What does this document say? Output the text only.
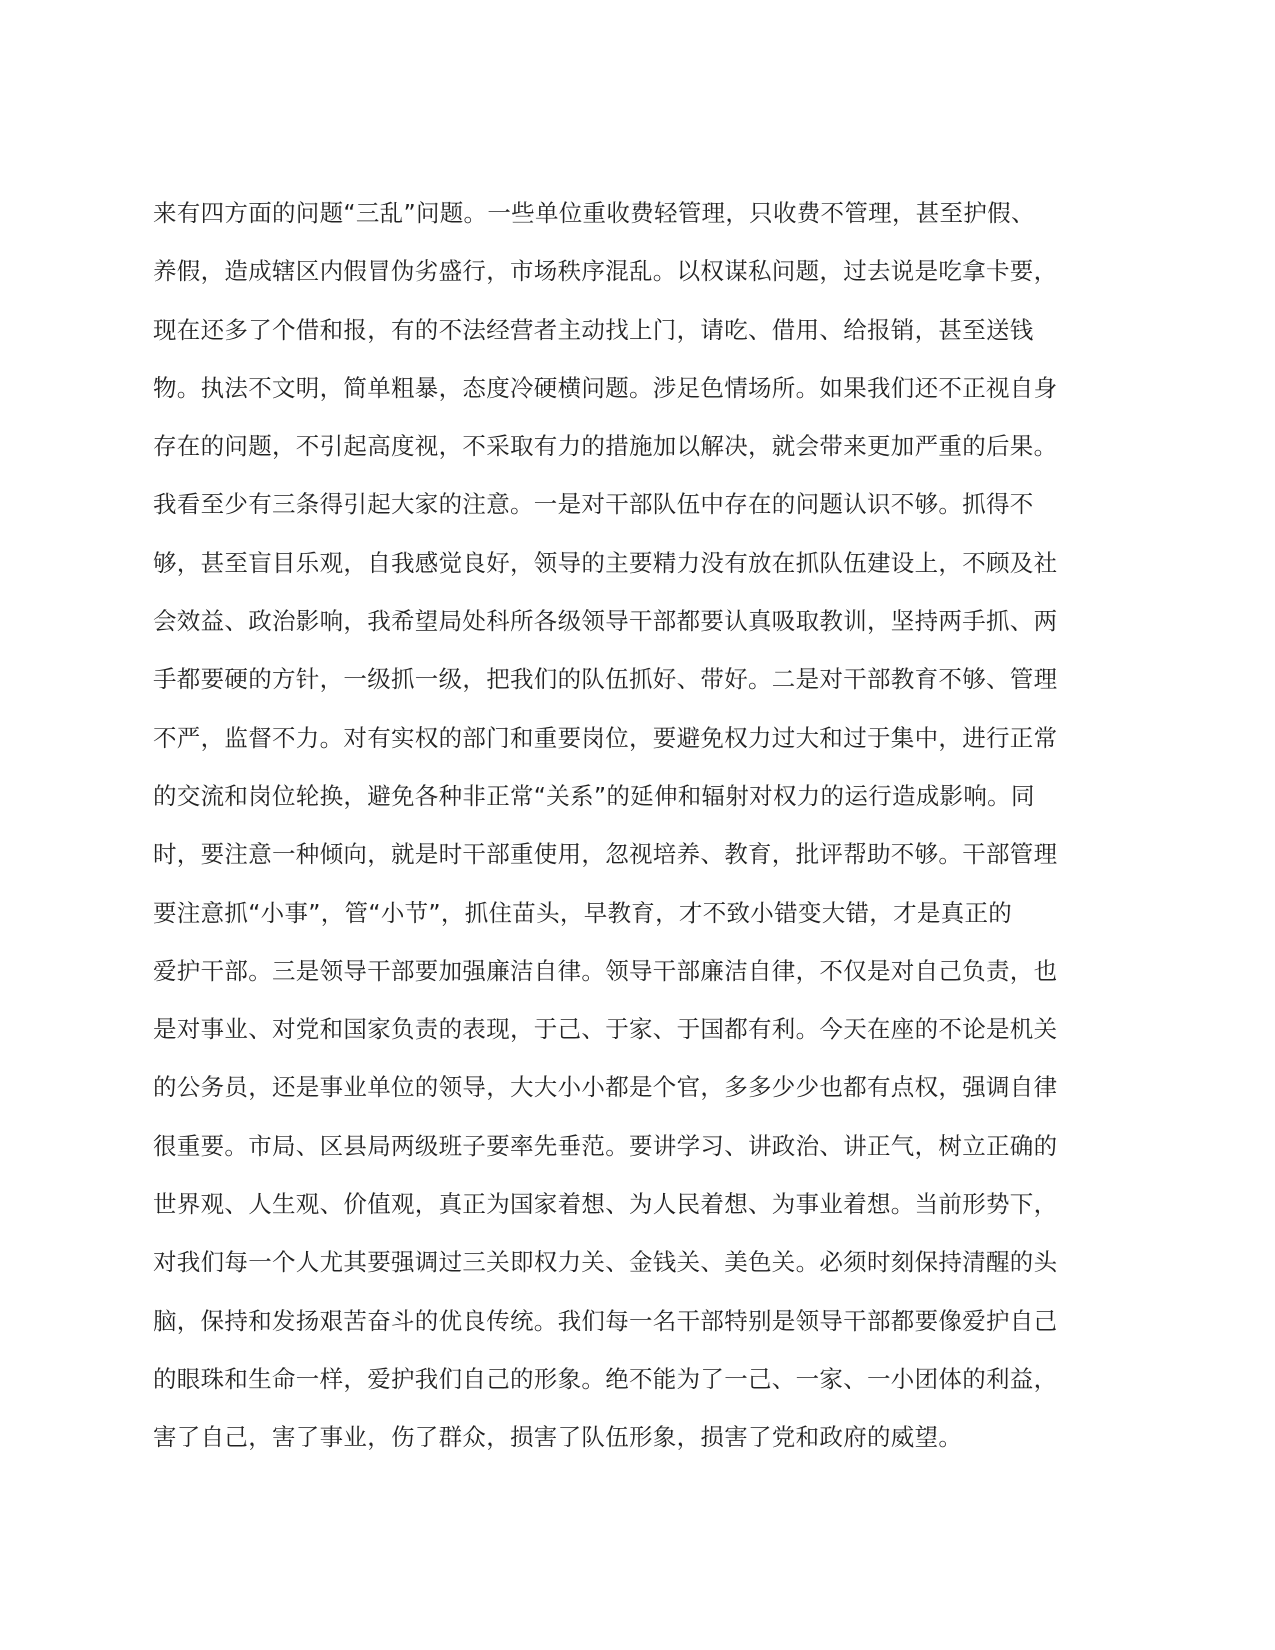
来有四方面的问题“三乱”问题。一些单位重收费轻管理，只收费不管理，甚至护假、
养假，造成辖区内假冒伪劣盛行，市场秩序混乱。以权谋私问题，过去说是吃拿卡要，
现在还多了个借和报，有的不法经营者主动找上门，请吃、借用、给报销，甚至送钱
物。执法不文明，简单粗暴，态度冷硬横问题。涉足色情场所。如果我们还不正视自身
存在的问题，不引起高度视，不采取有力的措施加以解决，就会带来更加严重的后果。
我看至少有三条得引起大家的注意。一是对干部队伍中存在的问题认识不够。抓得不
够，甚至盲目乐观，自我感觉良好，领导的主要精力没有放在抓队伍建设上，不顾及社
会效益、政治影响，我希望局处科所各级领导干部都要认真吸取教训，坚持两手抓、两
手都要硬的方针，一级抓一级，把我们的队伍抓好、带好。二是对干部教育不够、管理
不严，监督不力。对有实权的部门和重要岗位，要避免权力过大和过于集中，进行正常
的交流和岗位轮换，避免各种非正常“关系”的延伸和辐射对权力的运行造成影响。同
时，要注意一种倾向，就是时干部重使用，忽视培养、教育，批评帮助不够。干部管理
要注意抓“小事”，管“小节”，抓住苗头，早教育，才不致小错变大错，才是真正的
爱护干部。三是领导干部要加强廉洁自律。领导干部廉洁自律，不仅是对自己负责，也
是对事业、对党和国家负责的表现，于己、于家、于国都有利。今天在座的不论是机关
的公务员，还是事业单位的领导，大大小小都是个官，多多少少也都有点权，强调自律
很重要。市局、区县局两级班子要率先垂范。要讲学习、讲政治、讲正气，树立正确的
世界观、人生观、价值观，真正为国家着想、为人民着想、为事业着想。当前形势下，
对我们每一个人尤其要强调过三关即权力关、金钱关、美色关。必须时刻保持清醒的头
脑，保持和发扬艰苦奋斗的优良传统。我们每一名干部特别是领导干部都要像爱护自己
的眼珠和生命一样，爱护我们自己的形象。绝不能为了一己、一家、一小团体的利益，
害了自己，害了事业，伤了群众，损害了队伍形象，损害了党和政府的威望。
